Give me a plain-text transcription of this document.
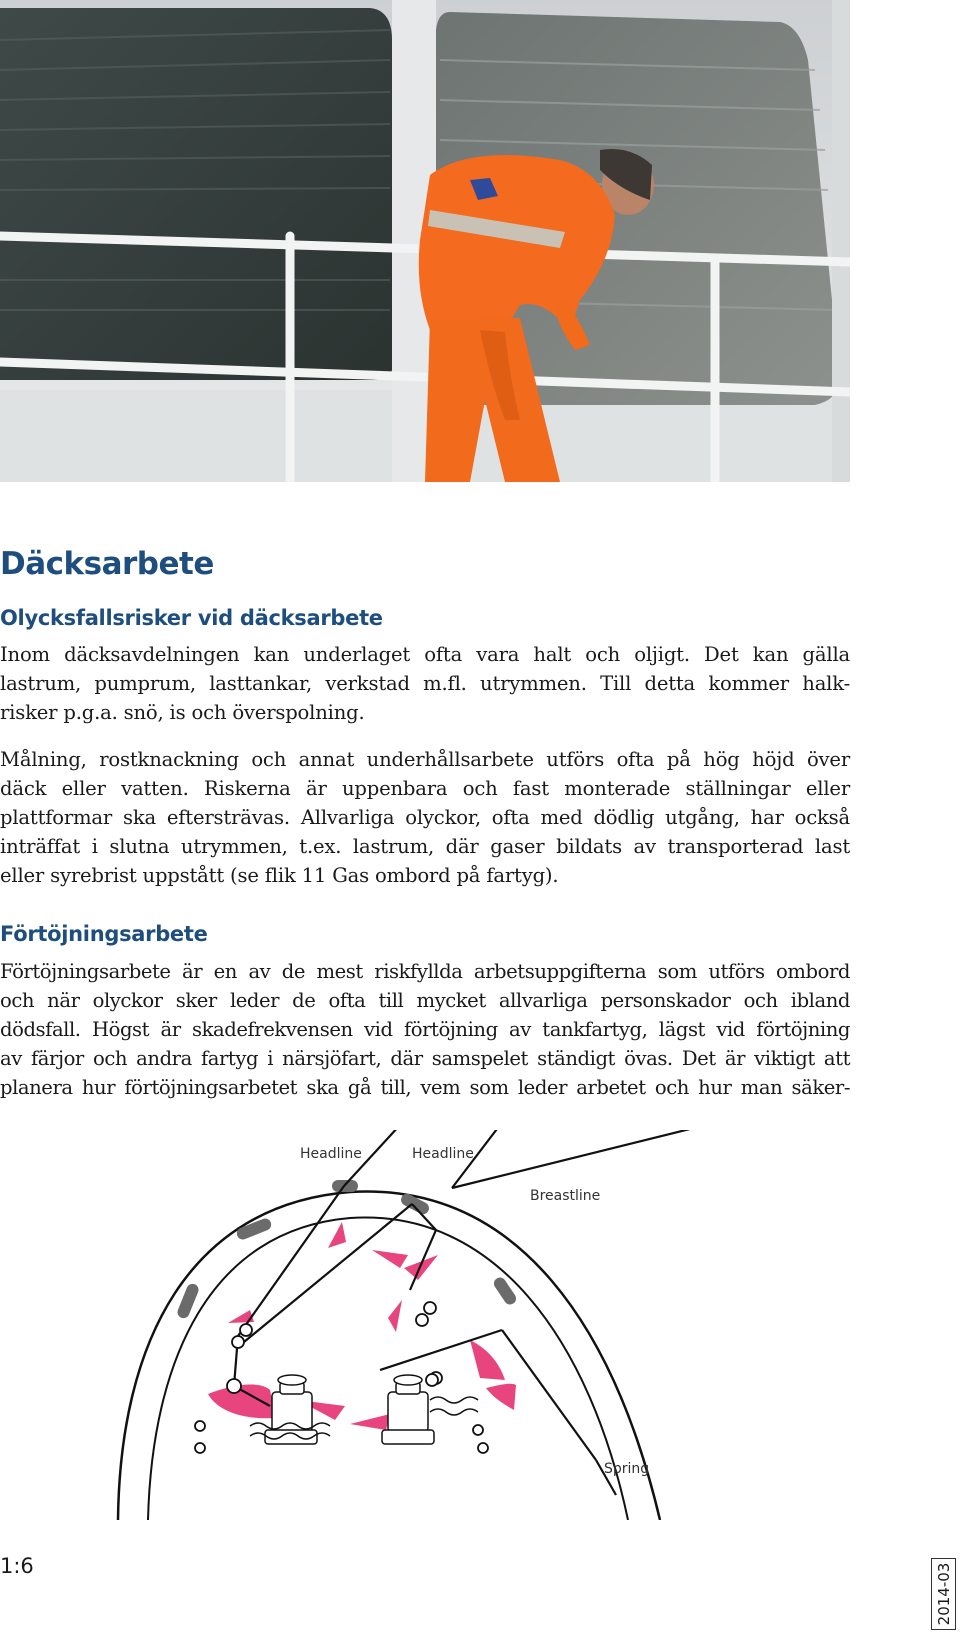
Däcksarbete
Olycksfallsrisker vid däcksarbete

Inom däcksavdelningen kan underlaget ofta vara halt och oljigt. Det kan gälla
lastrum, pumprum, lasttankar, verkstad m.fl. utrymmen. Till detta kommer halk-
risker p.g.a. snö, is och överspolning.

Målning, rostknackning och annat underhållsarbete utförs ofta på hög höjd över
däck eller vatten. Riskerna är uppenbara och fast monterade ställningar eller
plattformar ska eftersträvas. Allvarliga olyckor, ofta med dödlig utgång, har också
inträffat i slutna utrymmen, t.ex. lastrum, där gaser bildats av transporterad last
eller syrebrist uppstått (se flik 11 Gas ombord på fartyg).

Förtöjningsarbete

Förtöjningsarbete är en av de mest riskfyllda arbetsuppgifterna som utförs ombord
och när olyckor sker leder de ofta till mycket allvarliga personskador och ibland
dödsfall. Högst är skadefrekvensen vid förtöjning av tankfartyg, lägst vid förtöjning
av färjor och andra fartyg i närsjöfart, där samspelet ständigt övas. Det är viktigt att
planera hur förtöjningsarbetet ska gå till, vem som leder arbetet och hur man säker-

Headline	Headline
Breastline
Spring

1:6	2014-03
